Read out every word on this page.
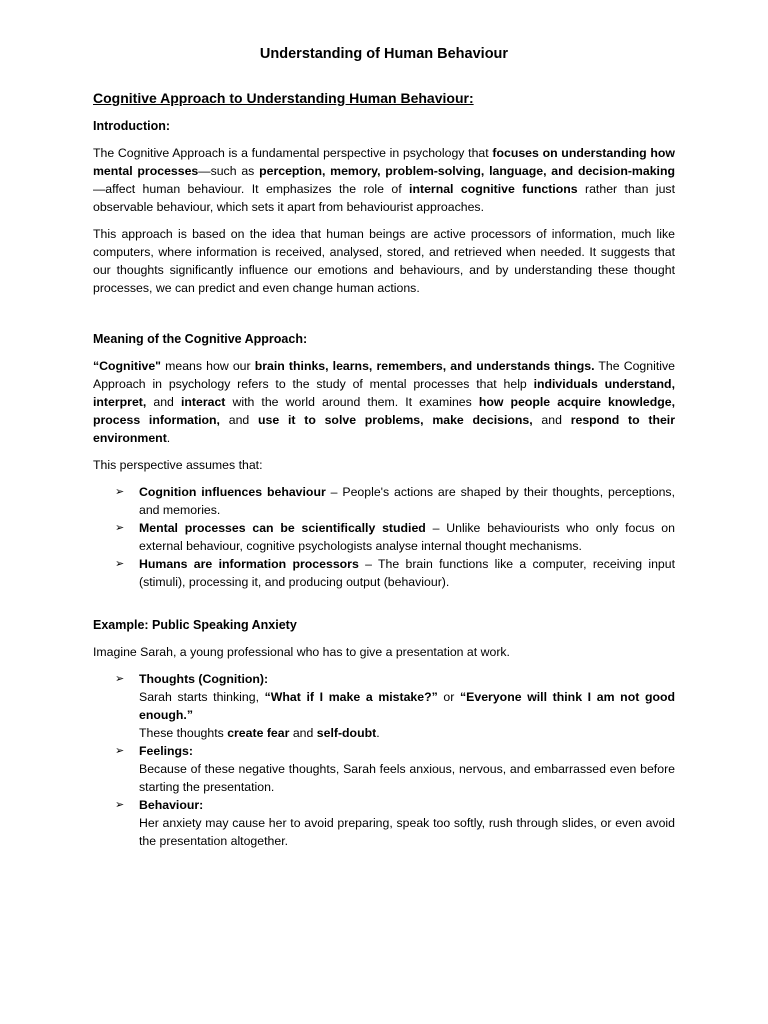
Understanding of Human Behaviour
Cognitive Approach to Understanding Human Behaviour:
Introduction:

The Cognitive Approach is a fundamental perspective in psychology that focuses on understanding how mental processes—such as perception, memory, problem-solving, language, and decision-making—affect human behaviour. It emphasizes the role of internal cognitive functions rather than just observable behaviour, which sets it apart from behaviourist approaches.

This approach is based on the idea that human beings are active processors of information, much like computers, where information is received, analysed, stored, and retrieved when needed. It suggests that our thoughts significantly influence our emotions and behaviours, and by understanding these thought processes, we can predict and even change human actions.

Meaning of the Cognitive Approach:

“Cognitive" means how our brain thinks, learns, remembers, and understands things. The Cognitive Approach in psychology refers to the study of mental processes that help individuals understand, interpret, and interact with the world around them. It examines how people acquire knowledge, process information, and use it to solve problems, make decisions, and respond to their environment.

This perspective assumes that:

➢ Cognition influences behaviour – People's actions are shaped by their thoughts, perceptions, and memories.
➢ Mental processes can be scientifically studied – Unlike behaviourists who only focus on external behaviour, cognitive psychologists analyse internal thought mechanisms.
➢ Humans are information processors – The brain functions like a computer, receiving input (stimuli), processing it, and producing output (behaviour).
Example: Public Speaking Anxiety

Imagine Sarah, a young professional who has to give a presentation at work.

➢ Thoughts (Cognition):
Sarah starts thinking, “What if I make a mistake?” or “Everyone will think I am not good enough.”
These thoughts create fear and self-doubt.
➢ Feelings:
Because of these negative thoughts, Sarah feels anxious, nervous, and embarrassed even before starting the presentation.
➢ Behaviour:
Her anxiety may cause her to avoid preparing, speak too softly, rush through slides, or even avoid the presentation altogether.
